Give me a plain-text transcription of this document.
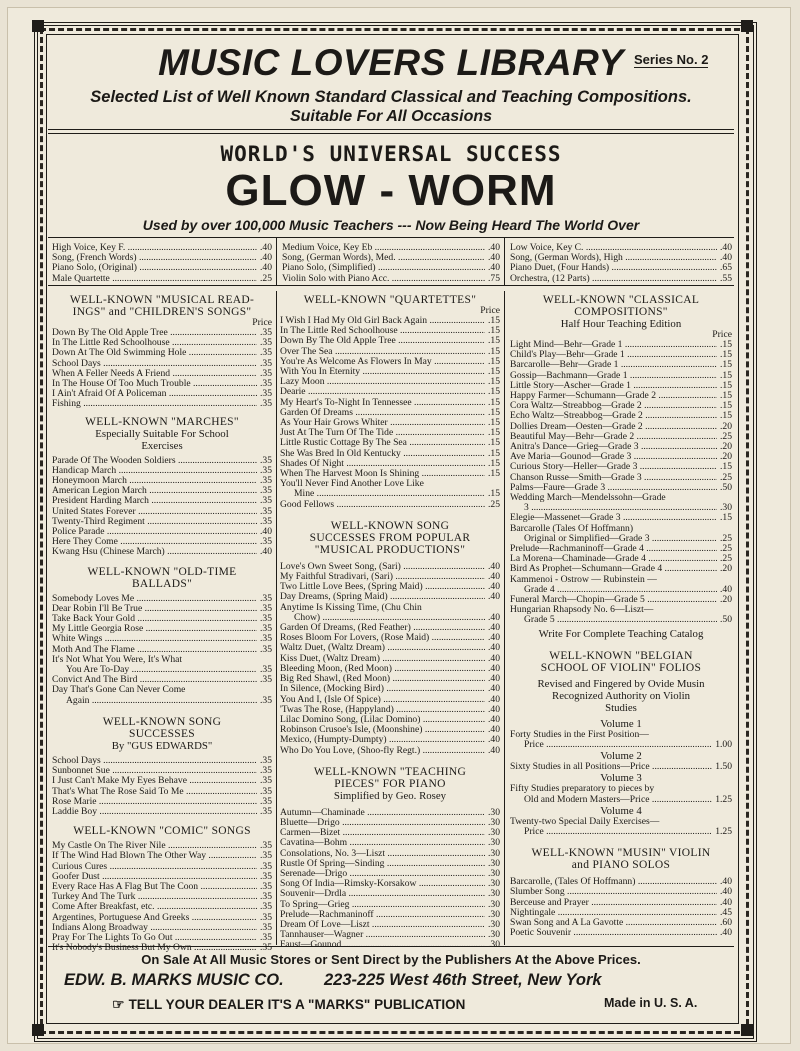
MUSIC LOVERS LIBRARY Series No. 2
Selected List of Well Known Standard Classical and Teaching Compositions.
Suitable For All Occasions
WORLD'S UNIVERSAL SUCCESS
GLOW - WORM
Used by over 100,000 Music Teachers --- Now Being Heard The World Over
High Voice, Key F. .....	.40
Song, (French Words) .....	.40
Piano Solo, (Original) .....	.40
Male Quartette .....	.25
Medium Voice, Key Eb .....	.40
Song, (German Words), Med. .....	.40
Piano Solo, (Simplified) .....	.40
Violin Solo with Piano Acc. .....	.75
Low Voice, Key C. .....	.40
Song, (German Words), High .....	.40
Piano Duet, (Four Hands) .....	.65
Orchestra, (12 Parts) .....	.55
WELL-KNOWN "MUSICAL READ-
INGS" and "CHILDREN'S SONGS"
Price
Down By The Old Apple Tree .....	.35
In The Little Red Schoolhouse .....	.35
Down At The Old Swimming Hole .....	.35
School Days .....	.35
When A Feller Needs A Friend .....	.35
In The House Of Too Much Trouble .....	.35
I Ain't Afraid Of A Policeman .....	.35
Fishing .....	.35
WELL-KNOWN "MARCHES"
Especially Suitable For School
Exercises
Parade Of The Wooden Soldiers .....	.35
Handicap March .....	.35
Honeymoon March .....	.35
American Legion March .....	.35
President Harding March .....	.35
United States Forever .....	.35
Twenty-Third Regiment .....	.35
Police Parade .....	.40
Here They Come .....	.35
Kwang Hsu (Chinese March) .....	.40
WELL-KNOWN "OLD-TIME
BALLADS"
Somebody Loves Me .....	.35
Dear Robin I'll Be True .....	.35
Take Back Your Gold .....	.35
My Little Georgia Rose .....	.35
White Wings .....	.35
Moth And The Flame .....	.35
It's Not What You Were, It's What
You Are To-Day .....	.35
Convict And The Bird .....	.35
Day That's Gone Can Never Come
Again .....	.35
WELL-KNOWN SONG
SUCCESSES
By "GUS EDWARDS"
School Days .....	.35
Sunbonnet Sue .....	.35
I Just Can't Make My Eyes Behave .....	.35
That's What The Rose Said To Me .....	.35
Rose Marie .....	.35
Laddie Boy .....	.35
WELL-KNOWN "COMIC" SONGS
My Castle On The River Nile .....	.35
If The Wind Had Blown The Other Way .....	.35
Curious Cures .....	.35
Goofer Dust .....	.35
Every Race Has A Flag But The Coon .....	.35
Turkey And The Turk .....	.35
Come After Breakfast, etc. .....	.35
Argentines, Portuguese And Greeks .....	.35
Indians Along Broadway .....	.35
Pray For The Lights To Go Out .....	.35
It's Nobody's Business But My Own .....	.35
WELL-KNOWN "QUARTETTES"
Price
I Wish I Had My Old Girl Back Again .....	.15
In The Little Red Schoolhouse .....	.15
Down By The Old Apple Tree .....	.15
Over The Sea .....	.15
You're As Welcome As Flowers In May .....	.15
With You In Eternity .....	.15
Lazy Moon .....	.15
Dearie .....	.15
My Heart's To-Night In Tennessee .....	.15
Garden Of Dreams .....	.15
As Your Hair Grows Whiter .....	.15
Just At The Turn Of The Tide .....	.15
Little Rustic Cottage By The Sea .....	.15
She Was Bred In Old Kentucky .....	.15
Shades Of Night .....	.15
When The Harvest Moon Is Shining .....	.15
You'll Never Find Another Love Like
Mine .....	.15
Good Fellows .....	.25
WELL-KNOWN SONG
SUCCESSES FROM POPULAR
"MUSICAL PRODUCTIONS"
Love's Own Sweet Song, (Sari) .....	.40
My Faithful Stradivari, (Sari) .....	.40
Two Little Love Bees, (Spring Maid) .....	.40
Day Dreams, (Spring Maid) .....	.40
Anytime Is Kissing Time, (Chu Chin
Chow) .....	.40
Garden Of Dreams, (Red Feather) .....	.40
Roses Bloom For Lovers, (Rose Maid) .....	.40
Waltz Duet, (Waltz Dream) .....	.40
Kiss Duet, (Waltz Dream) .....	.40
Bleeding Moon, (Red Moon) .....	.40
Big Red Shawl, (Red Moon) .....	.40
In Silence, (Mocking Bird) .....	.40
You And I, (Isle Of Spice) .....	.40
'Twas The Rose, (Happyland) .....	.40
Lilac Domino Song, (Lilac Domino) .....	.40
Robinson Crusoe's Isle, (Moonshine) .....	.40
Mexico, (Humpty-Dumpty) .....	.40
Who Do You Love, (Shoo-fly Regt.) .....	.40
WELL-KNOWN "TEACHING
PIECES" FOR PIANO
Simplified by Geo. Rosey
Autumn—Chaminade .....	.30
Bluette—Drigo .....	.30
Carmen—Bizet .....	.30
Cavatina—Bohm .....	.30
Consolations, No. 3—Liszt .....	.30
Rustle Of Spring—Sinding .....	.30
Serenade—Drigo .....	.30
Song Of India—Rimsky-Korsakow .....	.30
Souvenir—Drdla .....	.30
To Spring—Grieg .....	.30
Prelude—Rachmaninoff .....	.30
Dream Of Love—Liszt .....	.30
Tannhauser—Wagner .....	.30
Faust—Gounod .....	.30
WELL-KNOWN "CLASSICAL
COMPOSITIONS"
Half Hour Teaching Edition
Price
Light Mind—Behr—Grade 1 .....	.15
Child's Play—Behr—Grade 1 .....	.15
Barcarolle—Behr—Grade 1 .....	.15
Gossip—Bachmann—Grade 1 .....	.15
Little Story—Ascher—Grade 1 .....	.15
Happy Farmer—Schumann—Grade 2 .....	.15
Cora Waltz—Streabbog—Grade 2 .....	.15
Echo Waltz—Streabbog—Grade 2 .....	.15
Dollies Dream—Oesten—Grade 2 .....	.20
Beautiful May—Behr—Grade 2 .....	.25
Anitra's Dance—Grieg—Grade 3 .....	.20
Ave Maria—Gounod—Grade 3 .....	.20
Curious Story—Heller—Grade 3 .....	.15
Chanson Russe—Smith—Grade 3 .....	.25
Palms—Faure—Grade 3 .....	.50
Wedding March—Mendelssohn—Grade
3 .....	.30
Elegie—Massenet—Grade 3 .....	.15
Barcarolle (Tales Of Hoffmann)
Original or Simplified—Grade 3 .....	.25
Prelude—Rachmaninoff—Grade 4 .....	.25
La Morena—Chaminade—Grade 4 .....	.25
Bird As Prophet—Schumann—Grade 4 .....	.20
Kammenoi - Ostrow — Rubinstein —
Grade 4 .....	.40
Funeral March—Chopin—Grade 5 .....	.20
Hungarian Rhapsody No. 6—Liszt—
Grade 5 .....	.50
Write For Complete Teaching Catalog
WELL-KNOWN "BELGIAN
SCHOOL OF VIOLIN" FOLIOS
Revised and Fingered by Ovide Musin
Recognized Authority on Violin
Studies
Volume 1
Forty Studies in the First Position—
Price .....	1.00
Volume 2
Sixty Studies in all Positions—Price .....	1.50
Volume 3
Fifty Studies preparatory to pieces by
Old and Modern Masters—Price .....	1.25
Volume 4
Twenty-two Special Daily Exercises—
Price .....	1.25
WELL-KNOWN "MUSIN" VIOLIN
and PIANO SOLOS
Barcarolle, (Tales Of Hoffmann) .....	.40
Slumber Song .....	.40
Berceuse and Prayer .....	.40
Nightingale .....	.45
Swan Song and A La Gavotte .....	.60
Poetic Souvenir .....	.40
On Sale At All Music Stores or Sent Direct by the Publishers At the Above Prices.
EDW. B. MARKS MUSIC CO. 223-225 West 46th Street, New York
☞ TELL YOUR DEALER IT'S A "MARKS" PUBLICATION	Made in U. S. A.
